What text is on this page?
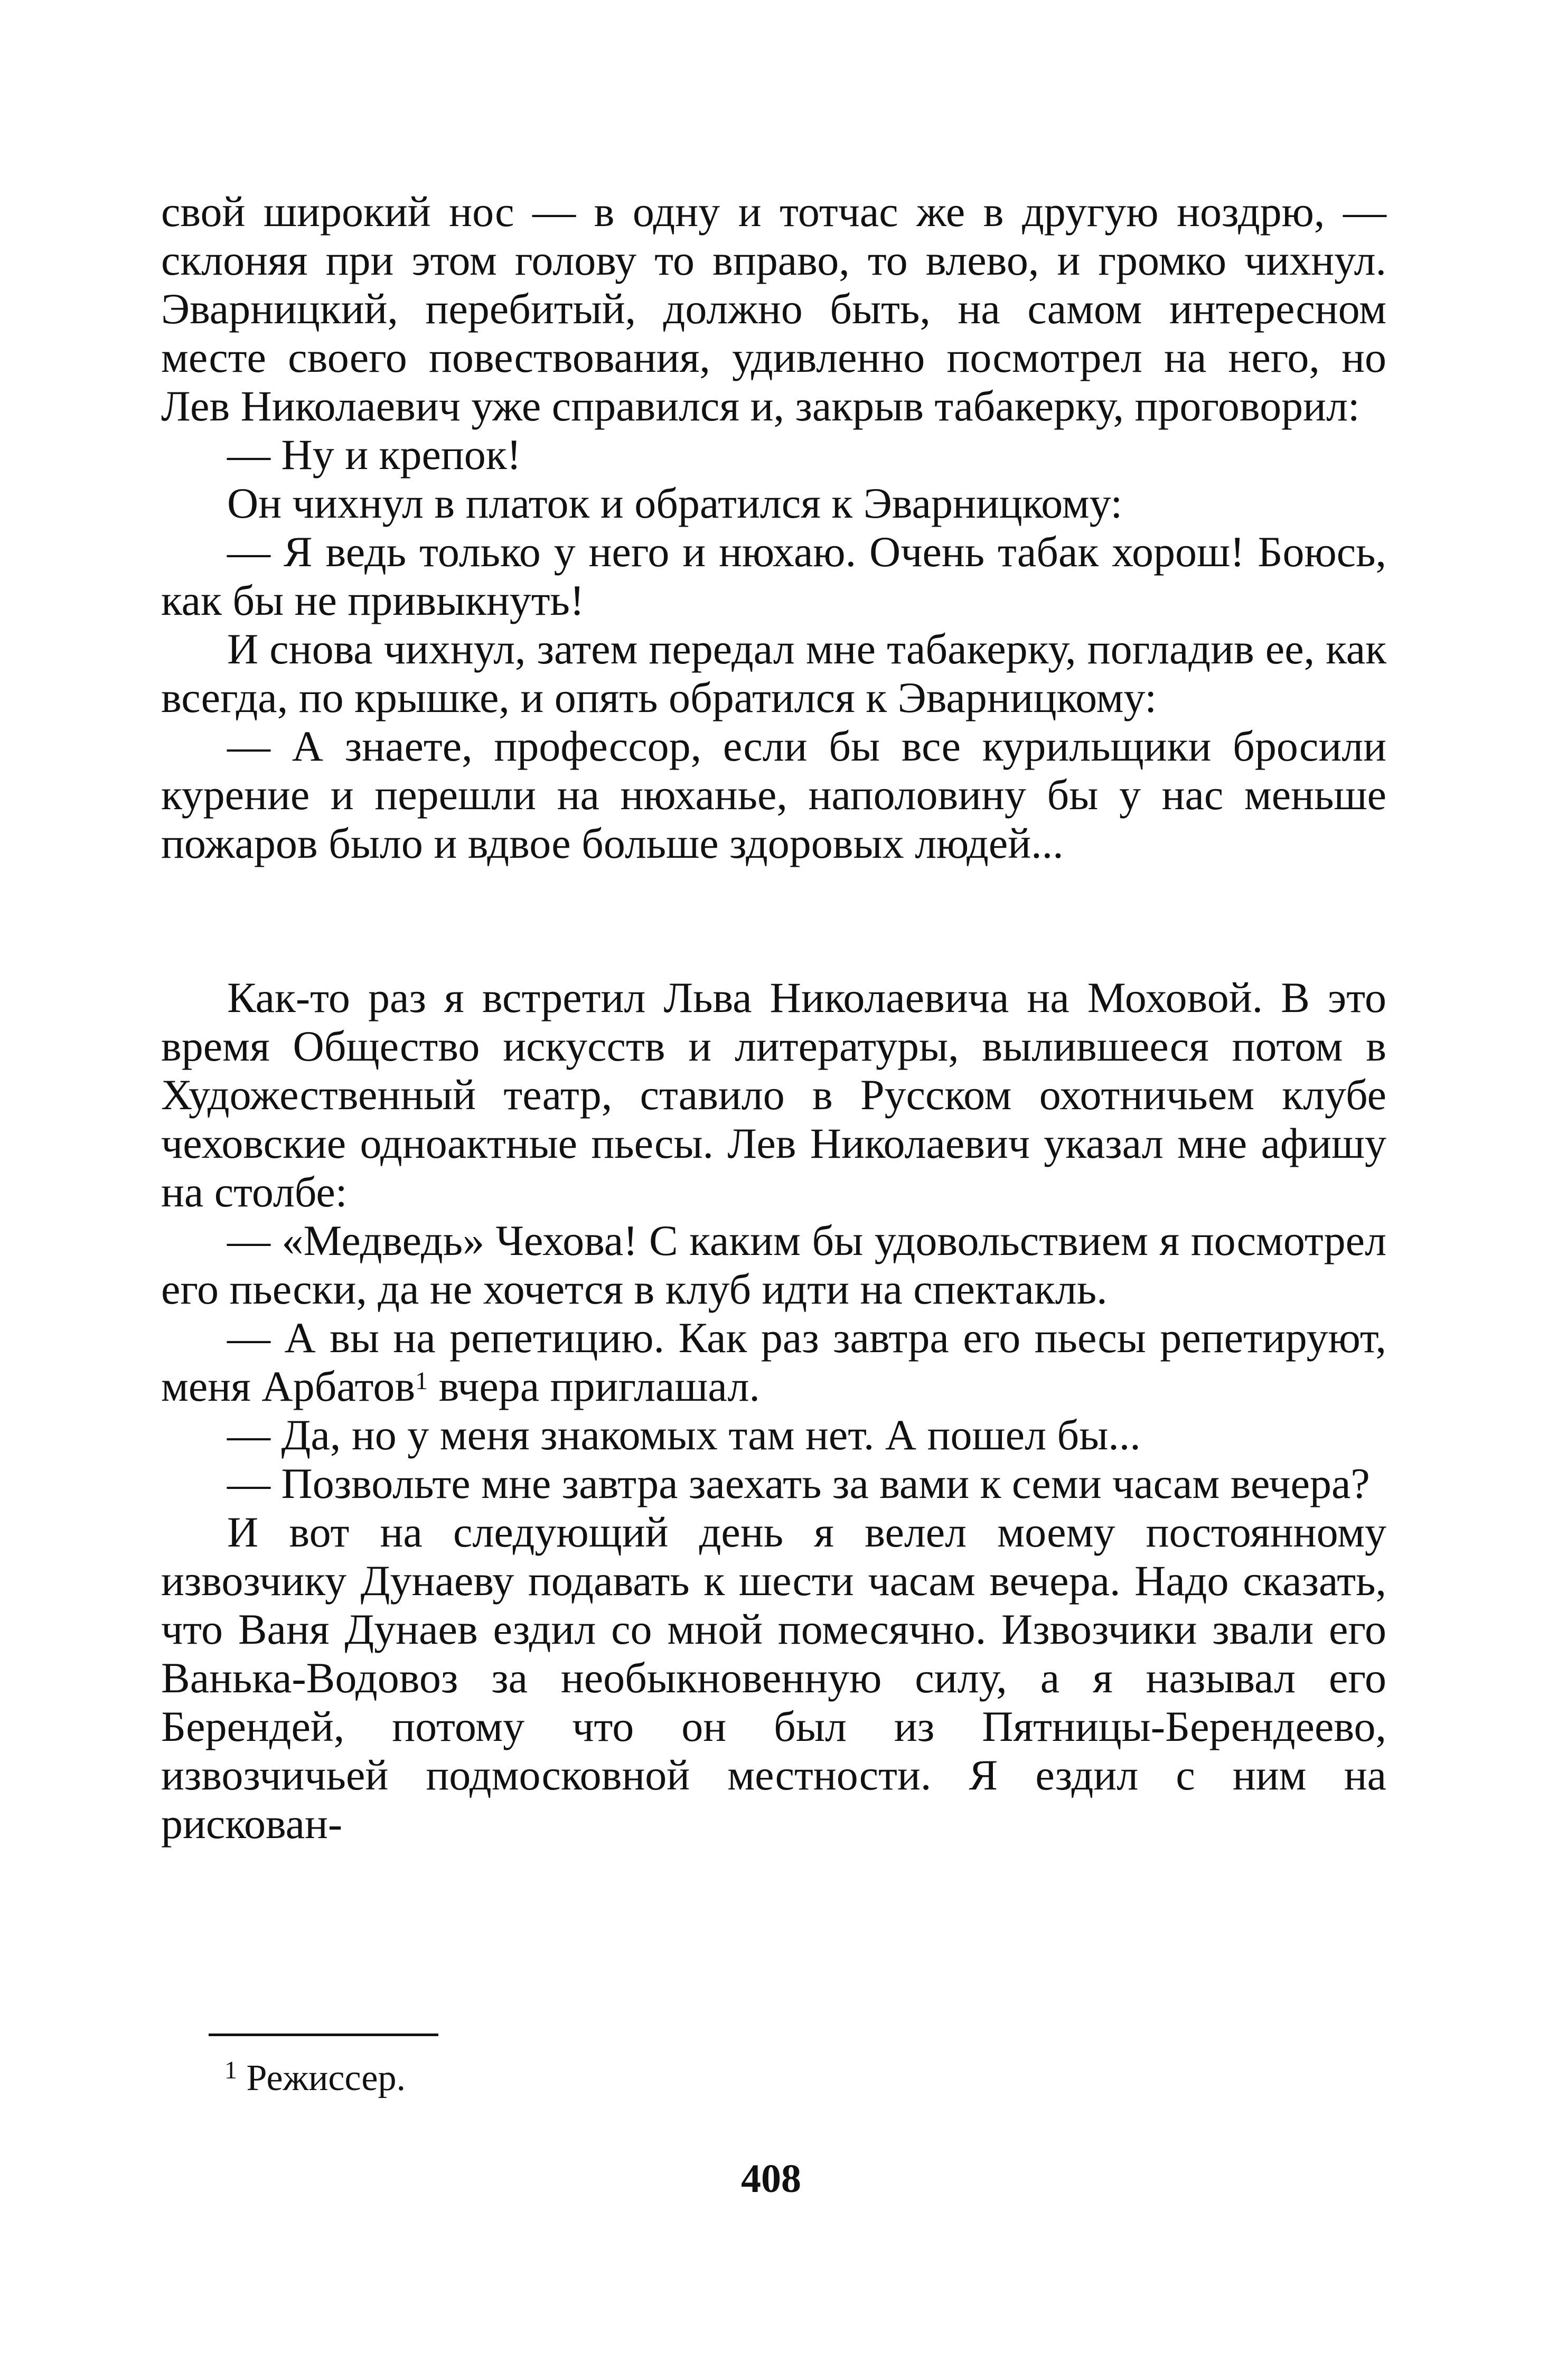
свой широкий нос — в одну и тотчас же в другую ноздрю, — склоняя при этом голову то вправо, то влево, и громко чихнул. Эварницкий, перебитый, должно быть, на самом интересном месте своего повествования, удивленно посмотрел на него, но Лев Николаевич уже справился и, закрыв табакерку, проговорил:

— Ну и крепок!

Он чихнул в платок и обратился к Эварницкому:

— Я ведь только у него и нюхаю. Очень табак хорош! Боюсь, как бы не привыкнуть!

И снова чихнул, затем передал мне табакерку, погладив ее, как всегда, по крышке, и опять обратился к Эварницкому:

— А знаете, профессор, если бы все курильщики бросили курение и перешли на нюханье, наполовину бы у нас меньше пожаров было и вдвое больше здоровых людей...

Как-то раз я встретил Льва Николаевича на Моховой. В это время Общество искусств и литературы, вылившееся потом в Художественный театр, ставило в Русском охотничьем клубе чеховские одноактные пьесы. Лев Николаевич указал мне афишу на столбе:

— «Медведь» Чехова! С каким бы удовольствием я посмотрел его пьески, да не хочется в клуб идти на спектакль.

— А вы на репетицию. Как раз завтра его пьесы репетируют, меня Арбатов$^1$ вчера приглашал.

— Да, но у меня знакомых там нет. А пошел бы...

— Позвольте мне завтра заехать за вами к семи часам вечера?

И вот на следующий день я велел моему постоянному извозчику Дунаеву подавать к шести часам вечера. Надо сказать, что Ваня Дунаев ездил со мной помесячно. Извозчики звали его Ванька-Водовоз за необыкновенную силу, а я называл его Берендей, потому что он был из Пятницы-Берендеево, извозчичьей подмосковной местности. Я ездил с ним на рискован-

$^1$ Режиссер.
408
